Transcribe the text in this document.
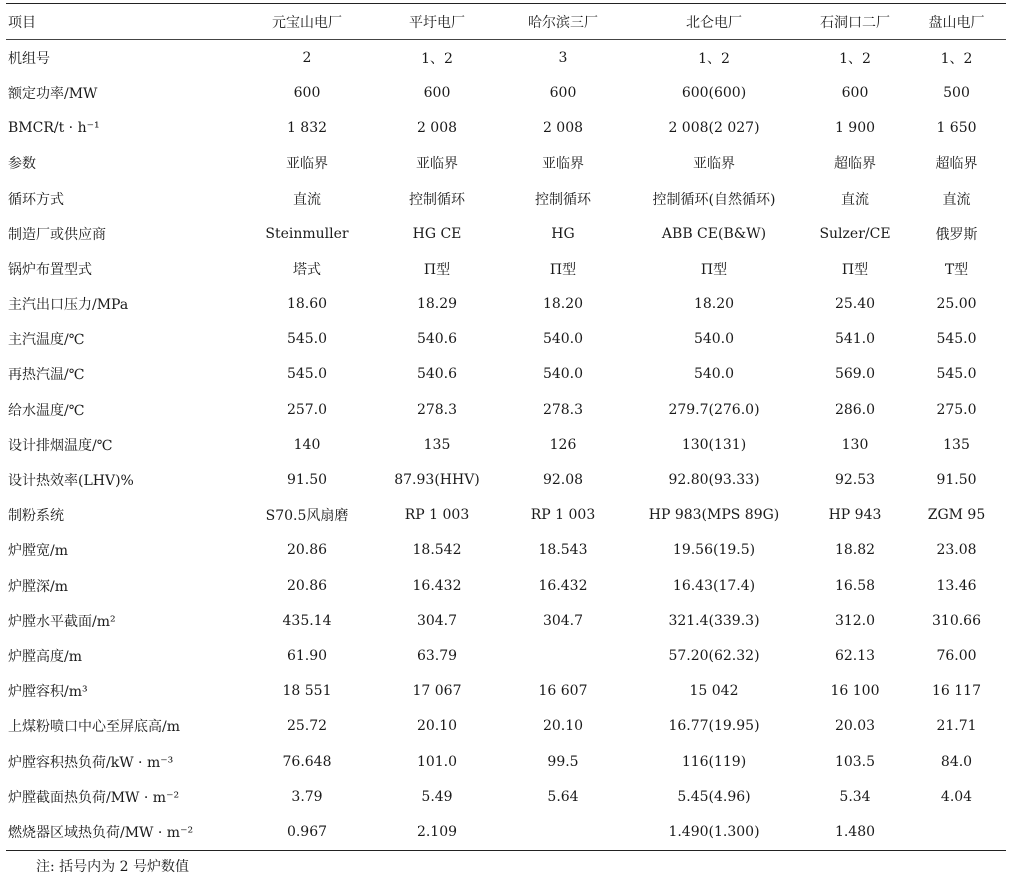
项目	元宝山电厂	平圩电厂	哈尔滨三厂	北仑电厂	石洞口二厂	盘山电厂
机组号	2	1、2	3	1、2	1、2	1、2
额定功率/MW	600	600	600	600(600)	600	500
BMCR/t · h⁻¹	1 832	2 008	2 008	2 008(2 027)	1 900	1 650
参数	亚临界	亚临界	亚临界	亚临界	超临界	超临界
循环方式	直流	控制循环	控制循环	控制循环(自然循环)	直流	直流
制造厂或供应商	Steinmuller	HG CE	HG	ABB CE(B&W)	Sulzer/CE	俄罗斯
锅炉布置型式	塔式	Π型	Π型	Π型	Π型	T型
主汽出口压力/MPa	18.60	18.29	18.20	18.20	25.40	25.00
主汽温度/℃	545.0	540.6	540.0	540.0	541.0	545.0
再热汽温/℃	545.0	540.6	540.0	540.0	569.0	545.0
给水温度/℃	257.0	278.3	278.3	279.7(276.0)	286.0	275.0
设计排烟温度/℃	140	135	126	130(131)	130	135
设计热效率(LHV)%	91.50	87.93(HHV)	92.08	92.80(93.33)	92.53	91.50
制粉系统	S70.5风扇磨	RP 1 003	RP 1 003	HP 983(MPS 89G)	HP 943	ZGM 95
炉膛宽/m	20.86	18.542	18.543	19.56(19.5)	18.82	23.08
炉膛深/m	20.86	16.432	16.432	16.43(17.4)	16.58	13.46
炉膛水平截面/m²	435.14	304.7	304.7	321.4(339.3)	312.0	310.66
炉膛高度/m	61.90	63.79		57.20(62.32)	62.13	76.00
炉膛容积/m³	18 551	17 067	16 607	15 042	16 100	16 117
上煤粉喷口中心至屏底高/m	25.72	20.10	20.10	16.77(19.95)	20.03	21.71
炉膛容积热负荷/kW · m⁻³	76.648	101.0	99.5	116(119)	103.5	84.0
炉膛截面热负荷/MW · m⁻²	3.79	5.49	5.64	5.45(4.96)	5.34	4.04
燃烧器区域热负荷/MW · m⁻²	0.967	2.109		1.490(1.300)	1.480	
注: 括号内为 2 号炉数值
